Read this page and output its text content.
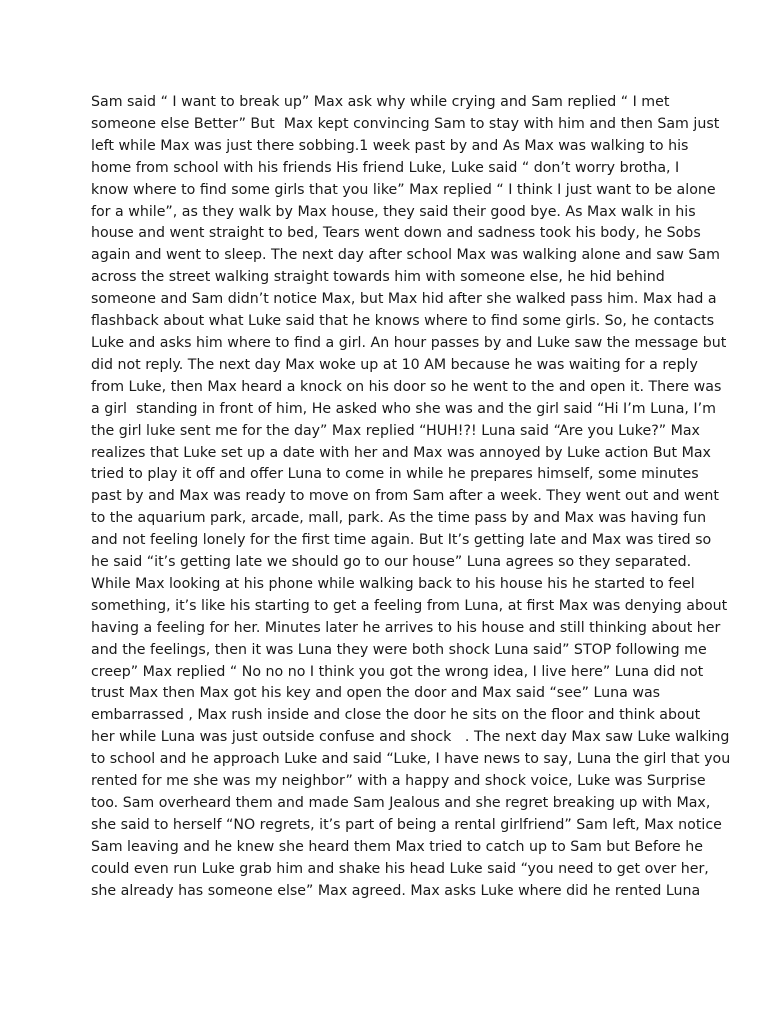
Sam said “ I want to break up” Max ask why while crying and Sam replied “ I met
someone else Better” But  Max kept convincing Sam to stay with him and then Sam just
left while Max was just there sobbing.1 week past by and As Max was walking to his
home from school with his friends His friend Luke, Luke said “ don’t worry brotha, I
know where to find some girls that you like” Max replied “ I think I just want to be alone
for a while”, as they walk by Max house, they said their good bye. As Max walk in his
house and went straight to bed, Tears went down and sadness took his body, he Sobs
again and went to sleep. The next day after school Max was walking alone and saw Sam
across the street walking straight towards him with someone else, he hid behind
someone and Sam didn’t notice Max, but Max hid after she walked pass him. Max had a
flashback about what Luke said that he knows where to find some girls. So, he contacts
Luke and asks him where to find a girl. An hour passes by and Luke saw the message but
did not reply. The next day Max woke up at 10 AM because he was waiting for a reply
from Luke, then Max heard a knock on his door so he went to the and open it. There was
a girl  standing in front of him, He asked who she was and the girl said “Hi I’m Luna, I’m
the girl luke sent me for the day” Max replied “HUH!?! Luna said “Are you Luke?” Max
realizes that Luke set up a date with her and Max was annoyed by Luke action But Max
tried to play it off and offer Luna to come in while he prepares himself, some minutes
past by and Max was ready to move on from Sam after a week. They went out and went
to the aquarium park, arcade, mall, park. As the time pass by and Max was having fun
and not feeling lonely for the first time again. But It’s getting late and Max was tired so
he said “it’s getting late we should go to our house” Luna agrees so they separated.
While Max looking at his phone while walking back to his house his he started to feel
something, it’s like his starting to get a feeling from Luna, at first Max was denying about
having a feeling for her. Minutes later he arrives to his house and still thinking about her
and the feelings, then it was Luna they were both shock Luna said” STOP following me
creep” Max replied “ No no no I think you got the wrong idea, I live here” Luna did not
trust Max then Max got his key and open the door and Max said “see” Luna was
embarrassed , Max rush inside and close the door he sits on the floor and think about
her while Luna was just outside confuse and shock   . The next day Max saw Luke walking
to school and he approach Luke and said “Luke, I have news to say, Luna the girl that you
rented for me she was my neighbor” with a happy and shock voice, Luke was Surprise
too. Sam overheard them and made Sam Jealous and she regret breaking up with Max,
she said to herself “NO regrets, it’s part of being a rental girlfriend” Sam left, Max notice
Sam leaving and he knew she heard them Max tried to catch up to Sam but Before he
could even run Luke grab him and shake his head Luke said “you need to get over her,
she already has someone else” Max agreed. Max asks Luke where did he rented Luna
